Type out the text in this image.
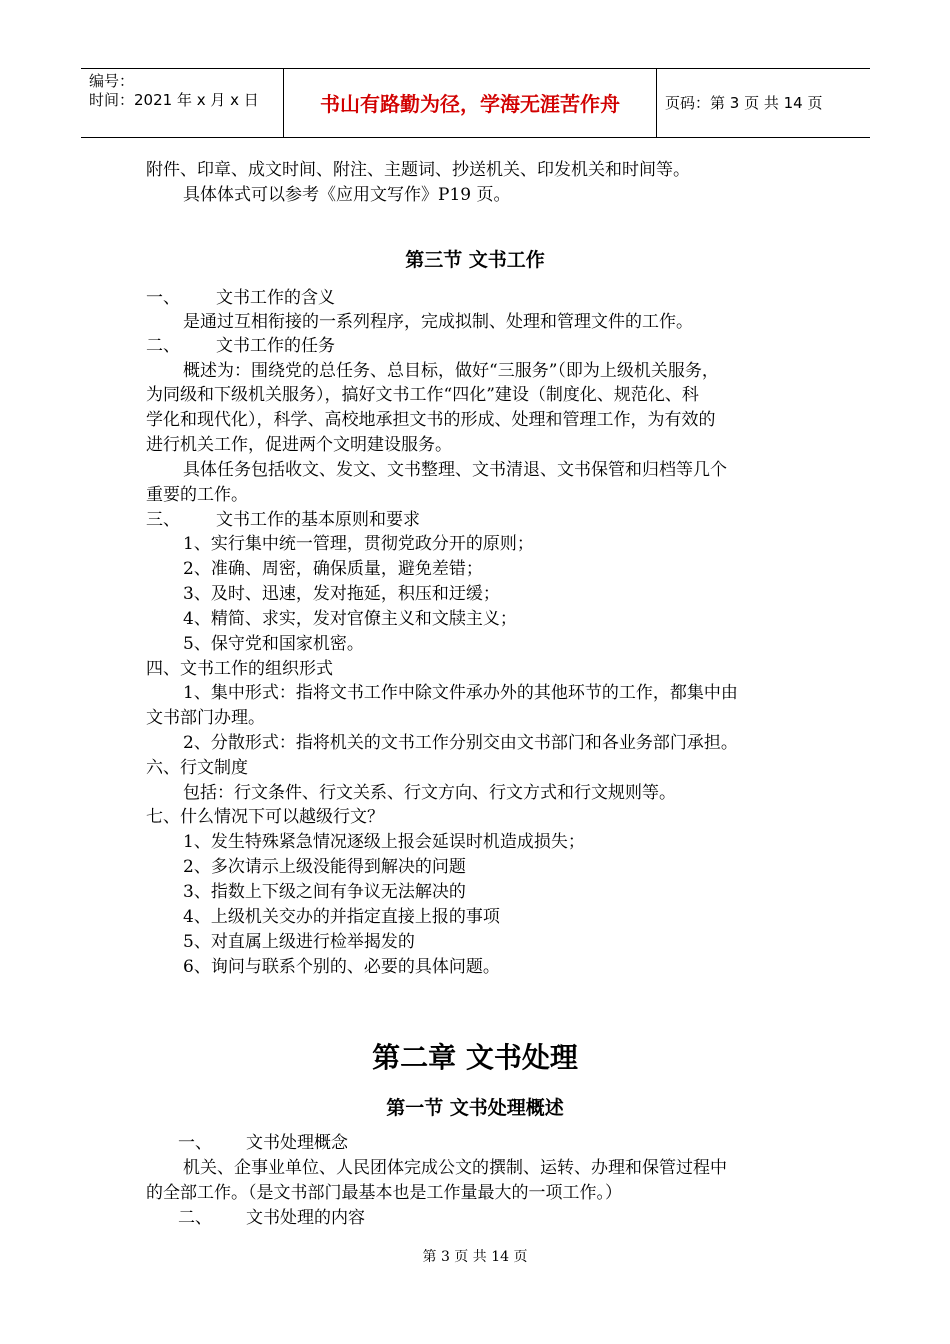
编号：
时间：2021 年 x 月 x 日	书山有路勤为径，学海无涯苦作舟	页码：第 3 页 共 14 页
附件、印章、成文时间、附注、主题词、抄送机关、印发机关和时间等。
具体体式可以参考《应用文写作》P19 页。
第三节 文书工作
一、 文书工作的含义
是通过互相衔接的一系列程序，完成拟制、处理和管理文件的工作。
二、 文书工作的任务
概述为：围绕党的总任务、总目标，做好“三服务”（即为上级机关服务，
为同级和下级机关服务），搞好文书工作“四化”建设（制度化、规范化、科
学化和现代化），科学、高校地承担文书的形成、处理和管理工作，为有效的
进行机关工作，促进两个文明建设服务。
具体任务包括收文、发文、文书整理、文书清退、文书保管和归档等几个
重要的工作。
三、 文书工作的基本原则和要求
1、实行集中统一管理，贯彻党政分开的原则；
2、准确、周密，确保质量，避免差错；
3、及时、迅速，发对拖延，积压和迂缓；
4、精简、求实，发对官僚主义和文牍主义；
5、保守党和国家机密。
四、文书工作的组织形式
1、集中形式：指将文书工作中除文件承办外的其他环节的工作，都集中由
文书部门办理。
2、分散形式：指将机关的文书工作分别交由文书部门和各业务部门承担。
六、行文制度
包括：行文条件、行文关系、行文方向、行文方式和行文规则等。
七、什么情况下可以越级行文？
1、发生特殊紧急情况逐级上报会延误时机造成损失；
2、多次请示上级没能得到解决的问题
3、指数上下级之间有争议无法解决的
4、上级机关交办的并指定直接上报的事项
5、对直属上级进行检举揭发的
6、询问与联系个别的、必要的具体问题。
第二章 文书处理
第一节 文书处理概述
一、 文书处理概念
机关、企事业单位、人民团体完成公文的撰制、运转、办理和保管过程中
的全部工作。（是文书部门最基本也是工作量最大的一项工作。）
二、 文书处理的内容
第 3 页 共 14 页
